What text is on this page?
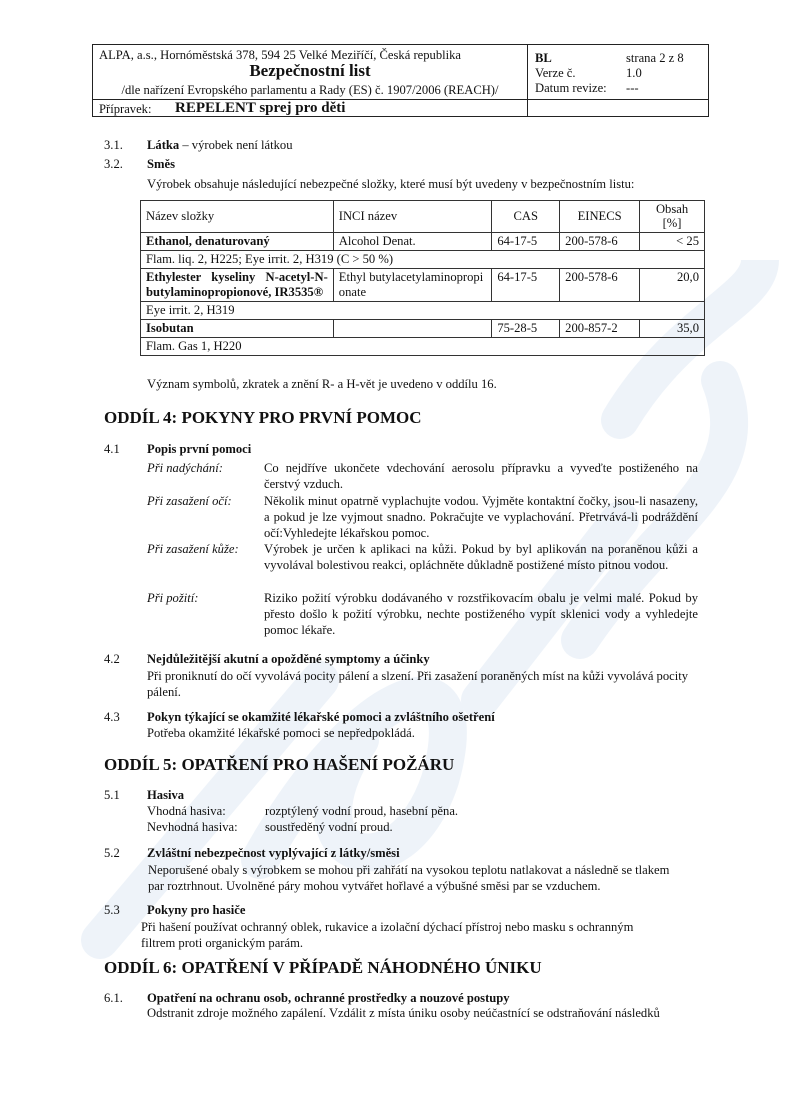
ALPA, a.s., Hornóměstská 378, 594 25 Velké Meziříčí, Česká republika
Bezpečnostní list
/dle nařízení Evropského parlamentu a Rady (ES) č. 1907/2006 (REACH)/
Přípravek: REPELENT sprej pro děti
BL	strana 2 z 8
Verze č.	1.0
Datum revize: ---
3.1. Látka – výrobek není látkou
3.2. Směs
Výrobek obsahuje následující nebezpečné složky, které musí být uvedeny v bezpečnostním listu:
Název složky	INCI název	CAS	EINECS	Obsah [%]
Ethanol, denaturovaný	Alcohol Denat.	64-17-5	200-578-6	< 25
Flam. liq. 2, H225; Eye irrit. 2, H319 (C > 50 %)				
Ethylester kyseliny N-acetyl-N-butylaminopropionové, IR3535®	Ethyl butylacetylaminopropionate	64-17-5	200-578-6	20,0
Eye irrit. 2, H319				
Isobutan		75-28-5	200-857-2	35,0
Flam. Gas 1, H220				
Význam symbolů, zkratek a znění R- a H-vět je uvedeno v oddílu 16.
ODDÍL 4: POKYNY PRO PRVNÍ POMOC
4.1 Popis první pomoci
Při nadýchání:	Co nejdříve ukončete vdechování aerosolu přípravku a vyveďte postiženého na čerstvý vzduch.
Při zasažení očí:	Několik minut opatrně vyplachujte vodou. Vyjměte kontaktní čočky, jsou-li nasazeny, a pokud je lze vyjmout snadno. Pokračujte ve vyplachování. Přetrvává-li podráždění očí:Vyhledejte lékařskou pomoc.
Při zasažení kůže: Výrobek je určen k aplikaci na kůži. Pokud by byl aplikován na poraněnou kůži a vyvolával bolestivou reakci, opláchněte důkladně postižené místo pitnou vodou.
Při požití:	Riziko požití výrobku dodávaného v rozstřikovacím obalu je velmi malé. Pokud by přesto došlo k požití výrobku, nechte postiženého vypít sklenici vody a vyhledejte pomoc lékaře.
4.2 Nejdůležitější akutní a opožděné symptomy a účinky
Při proniknutí do očí vyvolává pocity pálení a slzení. Při zasažení poraněných míst na kůži vyvolává pocity pálení.
4.3 Pokyn týkající se okamžité lékařské pomoci a zvláštního ošetření
Potřeba okamžité lékařské pomoci se nepředpokládá.
ODDÍL 5: OPATŘENÍ PRO HAŠENÍ POŽÁRU
5.1 Hasiva
Vhodná hasiva:	rozptýlený vodní proud, hasební pěna.
Nevhodná hasiva: soustředěný vodní proud.
5.2 Zvláštní nebezpečnost vyplývající z látky/směsi
Neporušené obaly s výrobkem se mohou při zahřátí na vysokou teplotu natlakovat a následně se tlakem
par roztrhnout. Uvolněné páry mohou vytvářet hořlavé a výbušné směsi par se vzduchem.
5.3 Pokyny pro hasiče
Při hašení používat ochranný oblek, rukavice a izolační dýchací přístroj nebo masku s ochranným
filtrem proti organickým parám.
ODDÍL 6: OPATŘENÍ V PŘÍPADĚ NÁHODNÉHO ÚNIKU
6.1. Opatření na ochranu osob, ochranné prostředky a nouzové postupy
Odstranit zdroje možného zapálení. Vzdálit z místa úniku osoby neúčastnící se odstraňování následků
